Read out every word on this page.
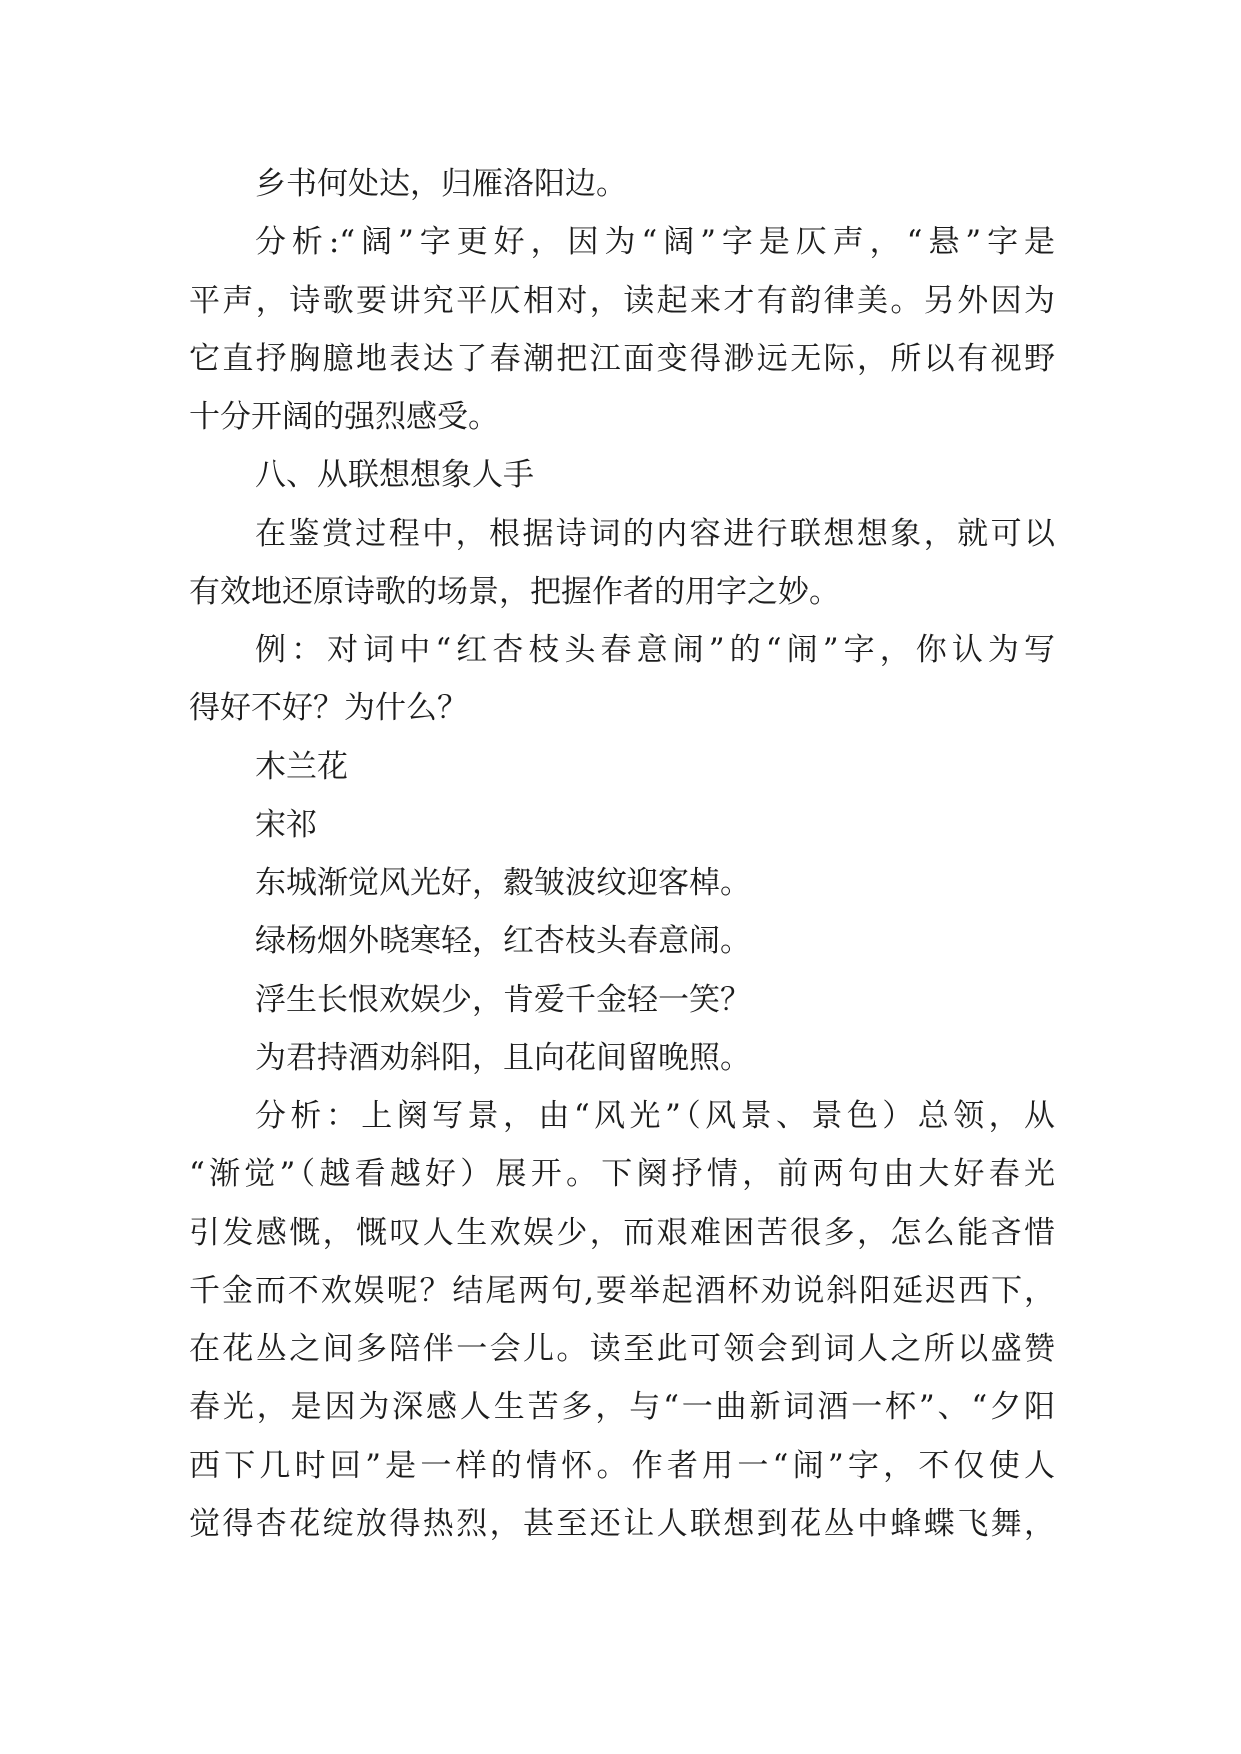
乡书何处达，归雁洛阳边。
分析:“阔”字更好，因为“阔”字是仄声，“悬”字是
平声，诗歌要讲究平仄相对，读起来才有韵律美。另外因为
它直抒胸臆地表达了春潮把江面变得渺远无际，所以有视野
十分开阔的强烈感受。
八、从联想想象人手
在鉴赏过程中，根据诗词的内容进行联想想象，就可以
有效地还原诗歌的场景，把握作者的用字之妙。
例：对词中“红杏枝头春意闹”的“闹”字，你认为写
得好不好？为什么？
木兰花
宋祁
东城渐觉风光好，縠皱波纹迎客棹。
绿杨烟外晓寒轻，红杏枝头春意闹。
浮生长恨欢娱少，肯爱千金轻一笑？
为君持酒劝斜阳，且向花间留晚照。
分析：上阕写景，由“风光”（风景、景色）总领，从
“渐觉”（越看越好）展开。下阕抒情，前两句由大好春光
引发感慨，慨叹人生欢娱少，而艰难困苦很多，怎么能吝惜
千金而不欢娱呢？结尾两句,要举起酒杯劝说斜阳延迟西下，
在花丛之间多陪伴一会儿。读至此可领会到词人之所以盛赞
春光，是因为深感人生苦多，与“一曲新词酒一杯”、“夕阳
西下几时回”是一样的情怀。作者用一“闹”字，不仅使人
觉得杏花绽放得热烈，甚至还让人联想到花丛中蜂蝶飞舞，
